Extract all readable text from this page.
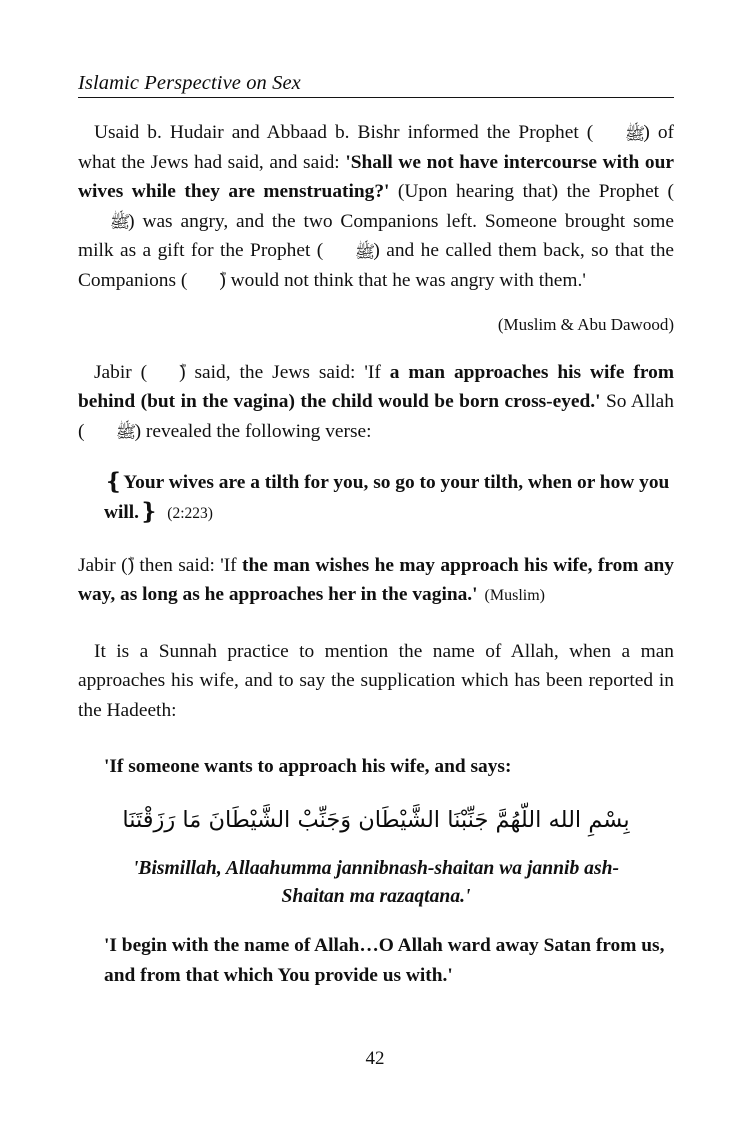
Islamic Perspective on Sex

Usaid b. Hudair and Abbaad b. Bishr informed the Prophet ( ﷺ) of what the Jews had said, and said: 'Shall we not have intercourse with our wives while they are menstruating?' (Upon hearing that) the Prophet (ﷺ) was angry, and the two Companions left. Someone brought some milk as a gift for the Prophet ( ﷺ) and he called them back, so that the Companions ( ) would not think that he was angry with them.'

(Muslim & Abu Dawood)

Jabir ( ) said, the Jews said: 'If a man approaches his wife from behind (but in the vagina) the child would be born cross-eyed.' So Allah ( ﷺ) revealed the following verse:

❴Your wives are a tilth for you, so go to your tilth, when or how you will.❵ (2:223)

Jabir () then said: 'If the man wishes he may approach his wife, from any way, as long as he approaches her in the vagina.' (Muslim)

It is a Sunnah practice to mention the name of Allah, when a man approaches his wife, and to say the supplication which has been reported in the Hadeeth:

'If someone wants to approach his wife, and says:

بِسْمِ الله اللّهُمَّ جَنِّبْنَا الشَّيْطَان وَجَنِّبْ الشَّيْطَانَ مَا رَزَقْتَنَا

'Bismillah, Allaahumma jannibnash-shaitan wa jannib ash-

Shaitan ma razaqtana.'

'I begin with the name of Allah…O Allah ward away Satan from us, and from that which You provide us with.'

42
